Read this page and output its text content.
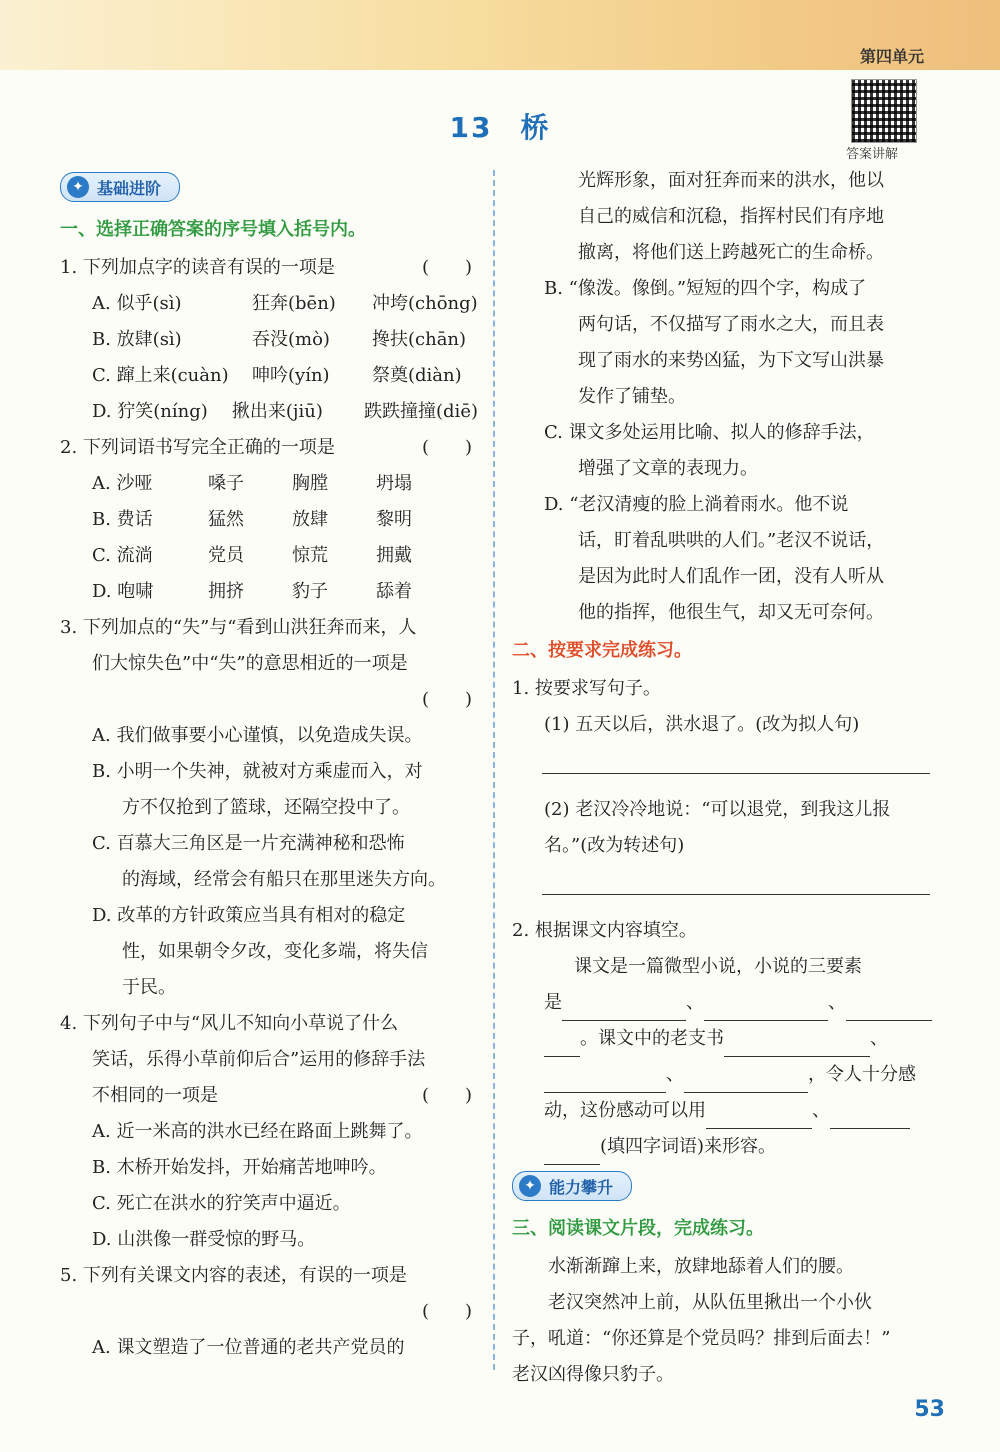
第四单元
13 桥
答案讲解
✦ 基础进阶
一、选择正确答案的序号填入括号内。
1. 下列加点字的读音有误的一项是	(　　)
A. 似乎(sì)	狂奔(bēn)	冲垮(chōng)
B. 放肆(sì)	吞没(mò)	搀扶(chān)
C. 蹿上来(cuàn)	呻吟(yín)	祭奠(diàn)
D. 狞笑(níng)	揪出来(jiū)	跌跌撞撞(diē)
2. 下列词语书写完全正确的一项是	(　　)
A. 沙哑	嗓子	胸膛	坍塌
B. 费话	猛然	放肆	黎明
C. 流淌	党员	惊荒	拥戴
D. 咆啸	拥挤	豹子	舔着
3. 下列加点的“失”与“看到山洪狂奔而来，人
们大惊失色”中“失”的意思相近的一项是
(　　)
A. 我们做事要小心谨慎，以免造成失误。
B. 小明一个失神，就被对方乘虚而入，对
方不仅抢到了篮球，还隔空投中了。
C. 百慕大三角区是一片充满神秘和恐怖
的海域，经常会有船只在那里迷失方向。
D. 改革的方针政策应当具有相对的稳定
性，如果朝令夕改，变化多端，将失信
于民。
4. 下列句子中与“风儿不知向小草说了什么
笑话，乐得小草前仰后合”运用的修辞手法
不相同的一项是	(　　)
A. 近一米高的洪水已经在路面上跳舞了。
B. 木桥开始发抖，开始痛苦地呻吟。
C. 死亡在洪水的狞笑声中逼近。
D. 山洪像一群受惊的野马。
5. 下列有关课文内容的表述，有误的一项是
(　　)
A. 课文塑造了一位普通的老共产党员的
光辉形象，面对狂奔而来的洪水，他以
自己的威信和沉稳，指挥村民们有序地
撤离，将他们送上跨越死亡的生命桥。
B. “像泼。像倒。”短短的四个字，构成了
两句话，不仅描写了雨水之大，而且表
现了雨水的来势凶猛，为下文写山洪暴
发作了铺垫。
C. 课文多处运用比喻、拟人的修辞手法，
增强了文章的表现力。
D. “老汉清瘦的脸上淌着雨水。他不说
话，盯着乱哄哄的人们。”老汉不说话，
是因为此时人们乱作一团，没有人听从
他的指挥，他很生气，却又无可奈何。
二、按要求完成练习。
1. 按要求写句子。
(1) 五天以后，洪水退了。(改为拟人句)
(2) 老汉冷冷地说：“可以退党，到我这儿报
名。”(改为转述句)
2. 根据课文内容填空。
课文是一篇微型小说，小说的三要素
是	、	、
。课文中的老支书	、
、	，令人十分感
动，这份感动可以用	、
(填四字词语)来形容。
✦ 能力攀升
三、阅读课文片段，完成练习。
水渐渐蹿上来，放肆地舔着人们的腰。
老汉突然冲上前，从队伍里揪出一个小伙
子，吼道：“你还算是个党员吗？排到后面去！”
老汉凶得像只豹子。
53
